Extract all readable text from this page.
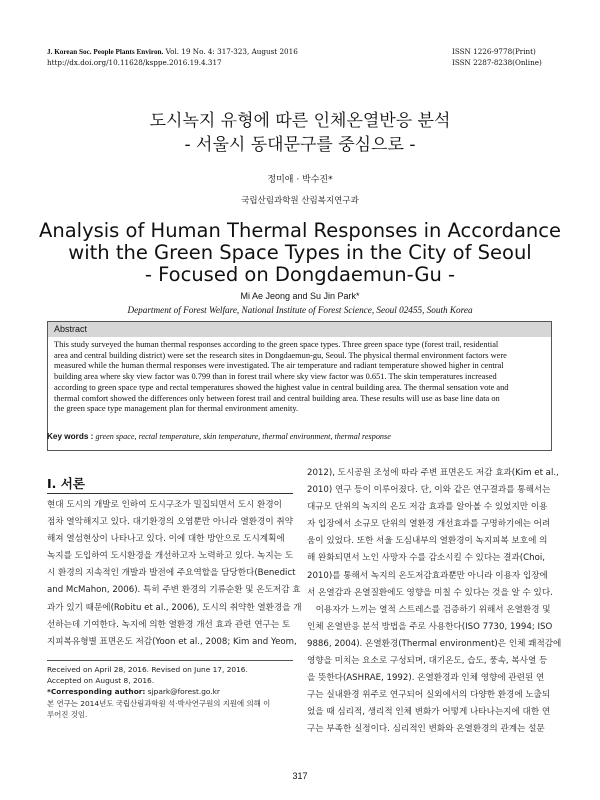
J. Korean Soc. People Plants Environ. Vol. 19 No. 4: 317-323, August 2016
http://dx.doi.org/10.11628/ksppe.2016.19.4.317
ISSN 1226-9778(Print)
ISSN 2287-8238(Online)
도시녹지 유형에 따른 인체온열반응 분석
- 서울시 동대문구를 중심으로 -
정미애 · 박수진*
국립산림과학원 산림복지연구과
Analysis of Human Thermal Responses in Accordance
with the Green Space Types in the City of Seoul
- Focused on Dongdaemun-Gu -
Mi Ae Jeong and Su Jin Park*
Department of Forest Welfare, National Institute of Forest Science, Seoul 02455, South Korea
Abstract
This study surveyed the human thermal responses according to the green space types. Three green space type (forest trail, residential
area and central building district) were set the research sites in Dongdaemun-gu, Seoul. The physical thermal environment factors were
measured while the human thermal responses were investigated. The air temperature and radiant temperature showed higher in central
building area where sky view factor was 0.799 than in forest trail where sky view factor was 0.651. The skin temperatures increased
according to green space type and rectal temperatures showed the highest value in central building area. The thermal sensation vote and
thermal comfort showed the differences only between forest trail and central building area. These results will use as base line data on
the green space type management plan for thermal environment amenity.
Key words : green space, rectal temperature, skin temperature, thermal environment, thermal response
Ⅰ. 서론
현대 도시의 개발로 인하여 도시구조가 밀집되면서 도시 환경이
점차 열악해지고 있다. 대기환경의 오염뿐만 아니라 열환경이 취약
해져 열섬현상이 나타나고 있다. 이에 대한 방안으로 도시계획에
녹지를 도입하여 도시환경을 개선하고자 노력하고 있다. 녹지는 도
시 환경의 지속적인 개발과 발전에 주요역할을 담당한다(Benedict
and McMahon, 2006). 특히 주변 환경의 기류순환 및 온도저감 효
과가 있기 때문에(Robitu et al., 2006), 도시의 취약한 열환경을 개
선하는데 기여한다. 녹지에 의한 열환경 개선 효과 관련 연구는 토
지피복유형별 표면온도 저감(Yoon et al., 2008; Kim and Yeom,
Received on April 28, 2016. Revised on June 17, 2016.
Accepted on August 8, 2016.
*Corresponding author: sjpark@forest.go.kr
본 연구는 2014년도 국립산림과학원 석·박사연구원의 지원에 의해 이
루어진 것임.
2012), 도시공원 조성에 따라 주변 표면온도 저감 효과(Kim et al.,
2010) 연구 등이 이루어졌다. 단, 이와 같은 연구결과를 통해서는
대규모 단위의 녹지의 온도 저감 효과를 알아볼 수 있었지만 이용
자 입장에서 소규모 단위의 열환경 개선효과를 구명하기에는 어려
움이 있었다. 또한 서울 도심내부의 열환경이 녹지피복 보호에 의
해 완화되면서 노인 사망자 수를 감소시킬 수 있다는 결과(Choi,
2010)를 통해서 녹지의 온도저감효과뿐만 아니라 이용자 입장에
서 온열감과 온열질환에도 영향을 미칠 수 있다는 것을 알 수 있다.
　이용자가 느끼는 열적 스트레스를 검증하기 위해서 온열환경 및
인체 온열반응 분석 방법을 주로 사용한다(ISO 7730, 1994; ISO
9886, 2004). 온열환경(Thermal environment)은 인체 쾌적감에
영향을 미치는 요소로 구성되며, 대기온도, 습도, 풍속, 복사열 등
을 뜻한다(ASHRAE, 1992). 온열환경과 인체 영향에 관련된 연
구는 실내환경 위주로 연구되어 실외에서의 다양한 환경에 노출되
었을 때 심리적, 생리적 인체 변화가 어떻게 나타나는지에 대한 연
구는 부족한 실정이다. 심리적인 변화와 온열환경의 관계는 설문
317
